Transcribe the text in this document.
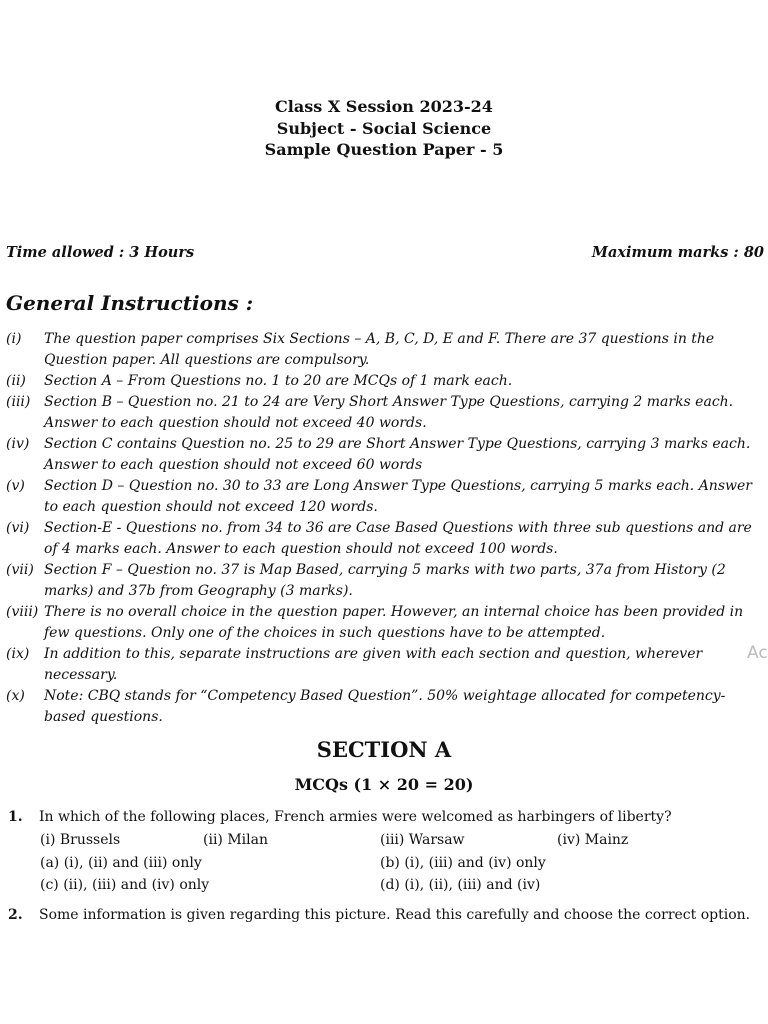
Class X Session 2023-24
Subject - Social Science
Sample Question Paper - 5
Time allowed : 3 Hours	Maximum marks : 80
General Instructions :
(i)	The question paper comprises Six Sections – A, B, C, D, E and F. There are 37 questions in the Question paper. All questions are compulsory.
(ii)	Section A – From Questions no. 1 to 20 are MCQs of 1 mark each.
(iii) Section B – Question no. 21 to 24 are Very Short Answer Type Questions, carrying 2 marks each. Answer to each question should not exceed 40 words.
(iv)	Section C contains Question no. 25 to 29 are Short Answer Type Questions, carrying 3 marks each. Answer to each question should not exceed 60 words
(v)	Section D – Question no. 30 to 33 are Long Answer Type Questions, carrying 5 marks each. Answer to each question should not exceed 120 words.
(vi)	Section-E - Questions no. from 34 to 36 are Case Based Questions with three sub questions and are of 4 marks each. Answer to each question should not exceed 100 words.
(vii) Section F – Question no. 37 is Map Based, carrying 5 marks with two parts, 37a from History (2 marks) and 37b from Geography (3 marks).
(viii) There is no overall choice in the question paper. However, an internal choice has been provided in few questions. Only one of the choices in such questions have to be attempted.
(ix)	In addition to this, separate instructions are given with each section and question, wherever necessary.
(x)	Note: CBQ stands for “Competency Based Question”. 50% weightage allocated for competency-based questions.
Ac
SECTION A
MCQs (1 × 20 = 20)
1. In which of the following places, French armies were welcomed as harbingers of liberty?
(i) Brussels	(ii) Milan	(iii) Warsaw	(iv) Mainz
(a) (i), (ii) and (iii) only	(b) (i), (iii) and (iv) only
(c) (ii), (iii) and (iv) only	(d) (i), (ii), (iii) and (iv)
2. Some information is given regarding this picture. Read this carefully and choose the correct option.
